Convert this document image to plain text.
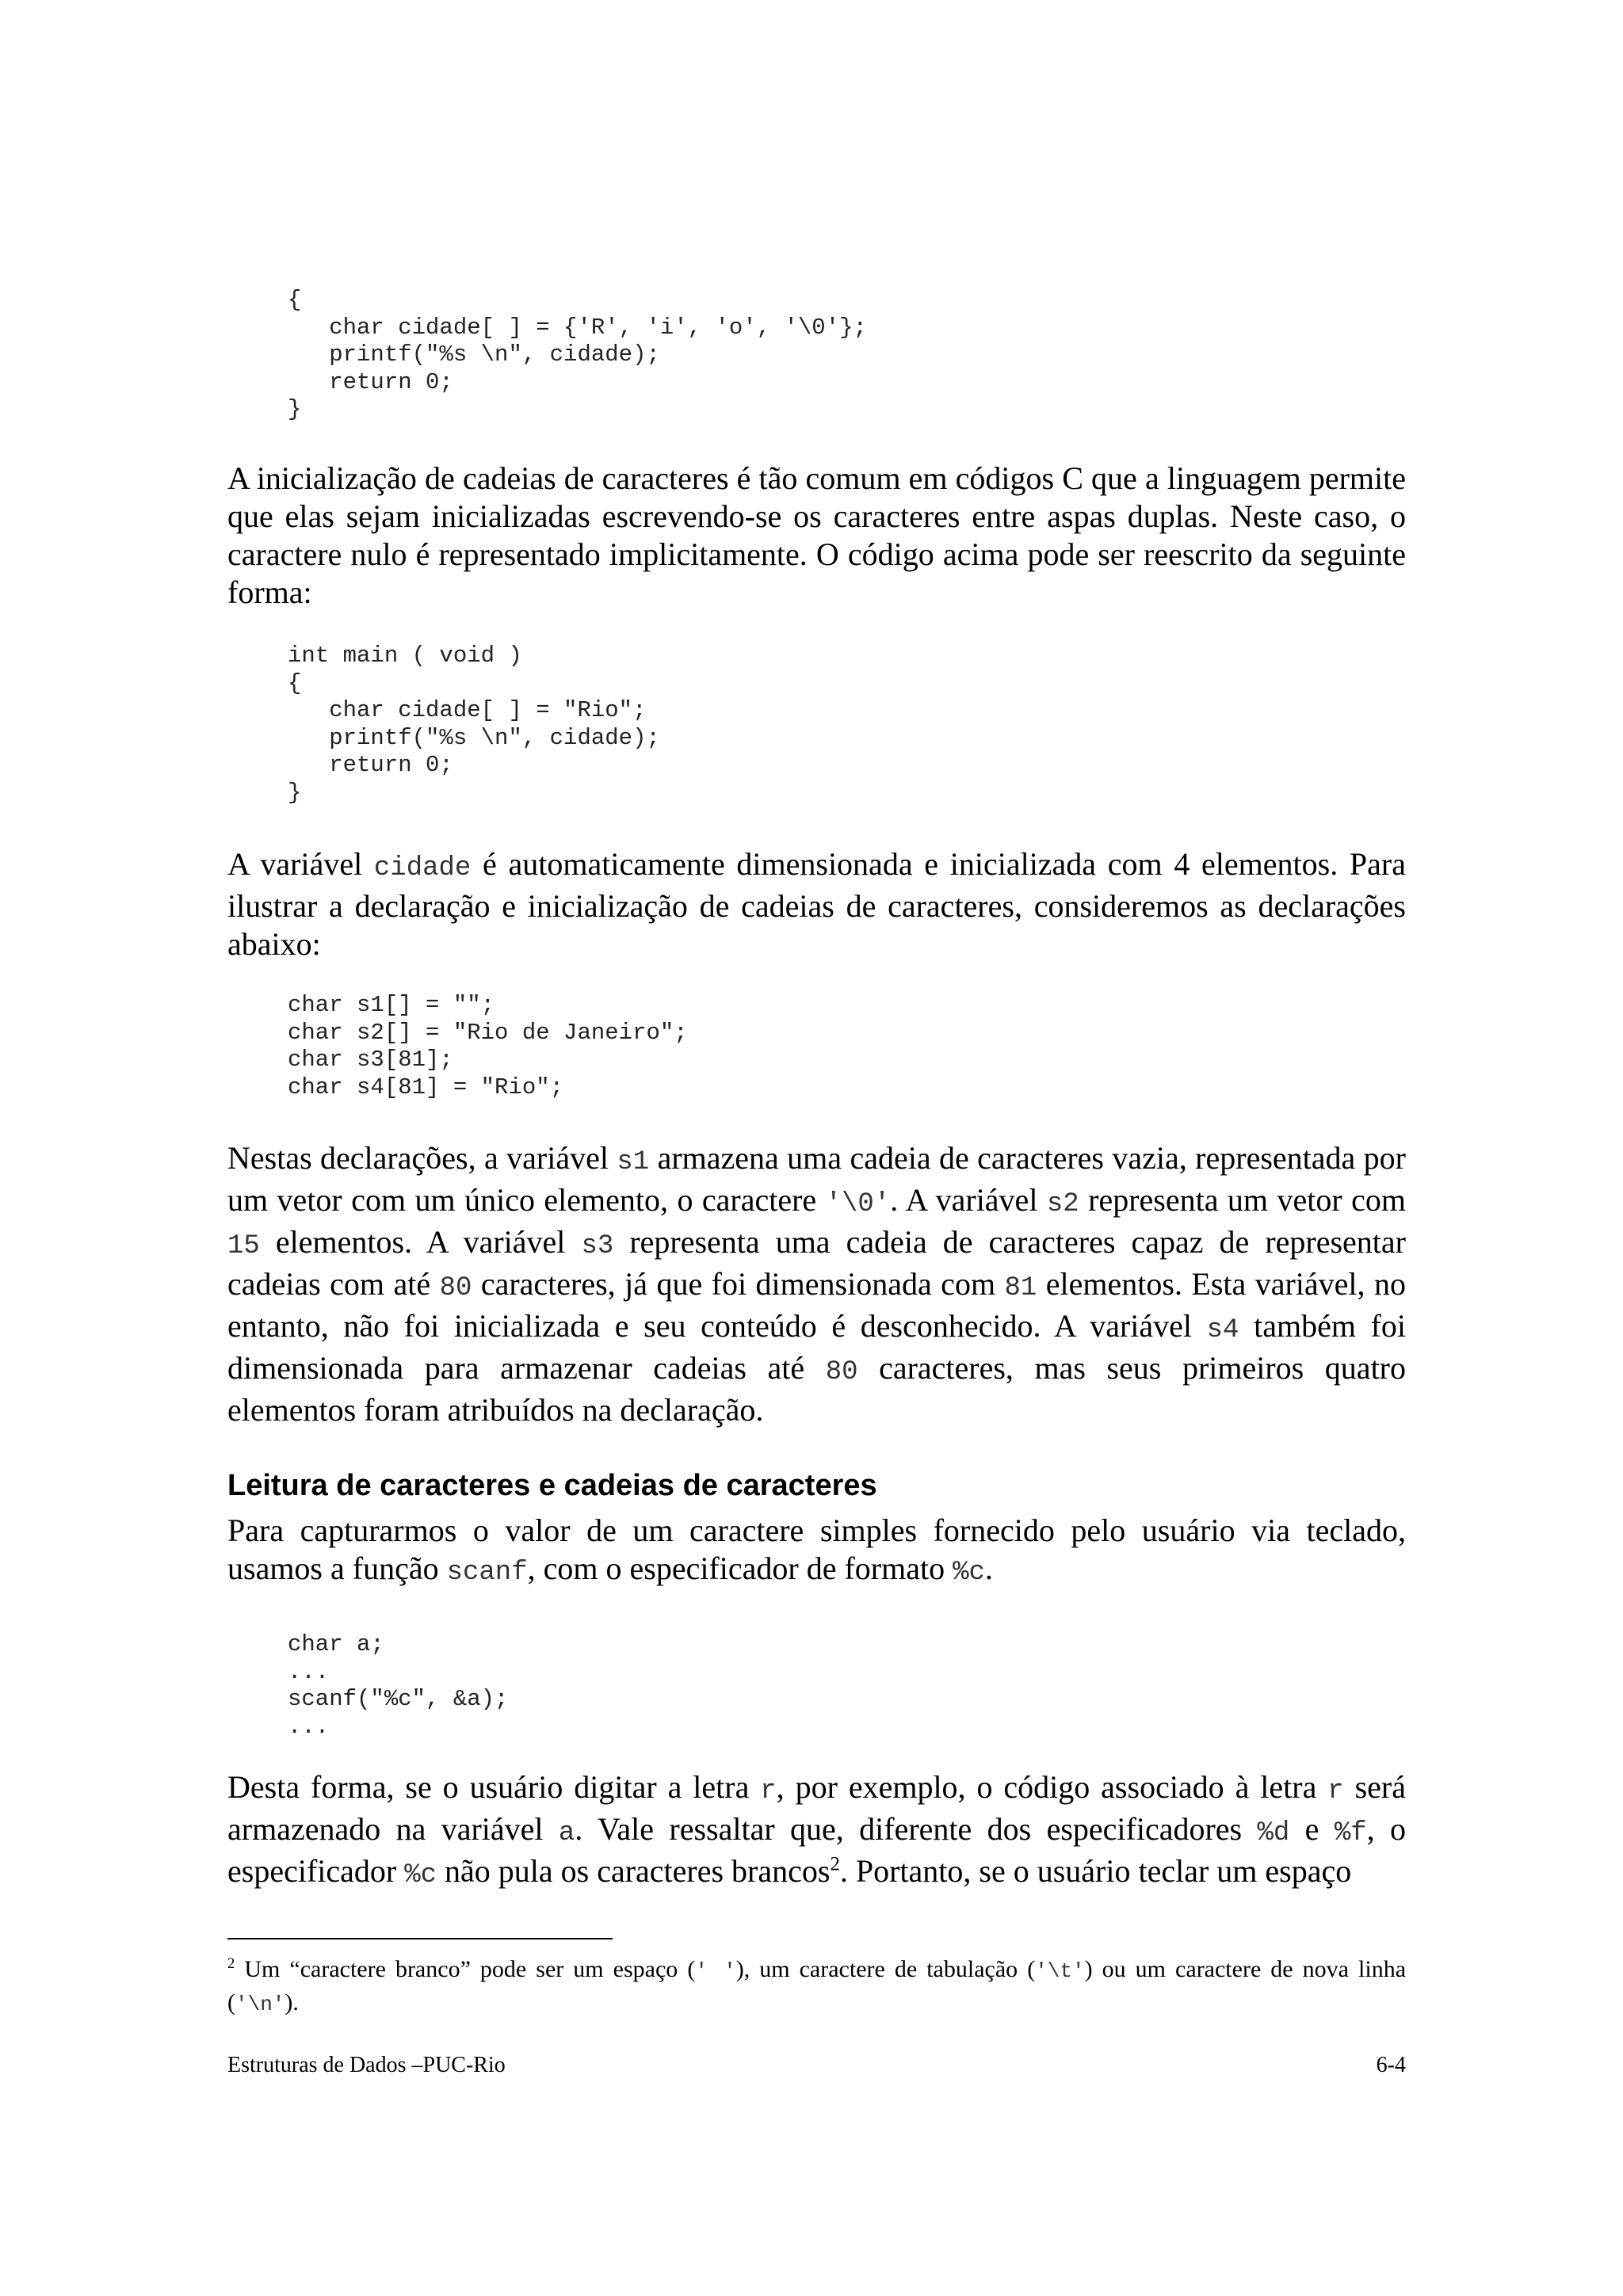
{
char cidade[ ] = {'R', 'i', 'o', '\0'};
printf("%s \n", cidade);
return 0;
}

A inicialização de cadeias de caracteres é tão comum em códigos C que a linguagem permite que elas sejam inicializadas escrevendo-se os caracteres entre aspas duplas. Neste caso, o caractere nulo é representado implicitamente. O código acima pode ser reescrito da seguinte forma:

int main ( void )
{
char cidade[ ] = "Rio";
printf("%s \n", cidade);
return 0;
}

A variável cidade é automaticamente dimensionada e inicializada com 4 elementos. Para ilustrar a declaração e inicialização de cadeias de caracteres, consideremos as declarações abaixo:

char s1[] = "";
char s2[] = "Rio de Janeiro";
char s3[81];
char s4[81] = "Rio";

Nestas declarações, a variável s1 armazena uma cadeia de caracteres vazia, representada por um vetor com um único elemento, o caractere '\0'. A variável s2 representa um vetor com 15 elementos. A variável s3 representa uma cadeia de caracteres capaz de representar cadeias com até 80 caracteres, já que foi dimensionada com 81 elementos. Esta variável, no entanto, não foi inicializada e seu conteúdo é desconhecido. A variável s4 também foi dimensionada para armazenar cadeias até 80 caracteres, mas seus primeiros quatro elementos foram atribuídos na declaração.

Leitura de caracteres e cadeias de caracteres

Para capturarmos o valor de um caractere simples fornecido pelo usuário via teclado, usamos a função scanf, com o especificador de formato %c.

char a;
...
scanf("%c", &a);
...

Desta forma, se o usuário digitar a letra r, por exemplo, o código associado à letra r será armazenado na variável a. Vale ressaltar que, diferente dos especificadores %d e %f, o especificador %c não pula os caracteres brancos$^2$. Portanto, se o usuário teclar um espaço

$^2$ Um “caractere branco” pode ser um espaço (' '), um caractere de tabulação ('\t') ou um caractere de nova linha ('\n').

Estruturas de Dados –PUC-Rio	6-4
